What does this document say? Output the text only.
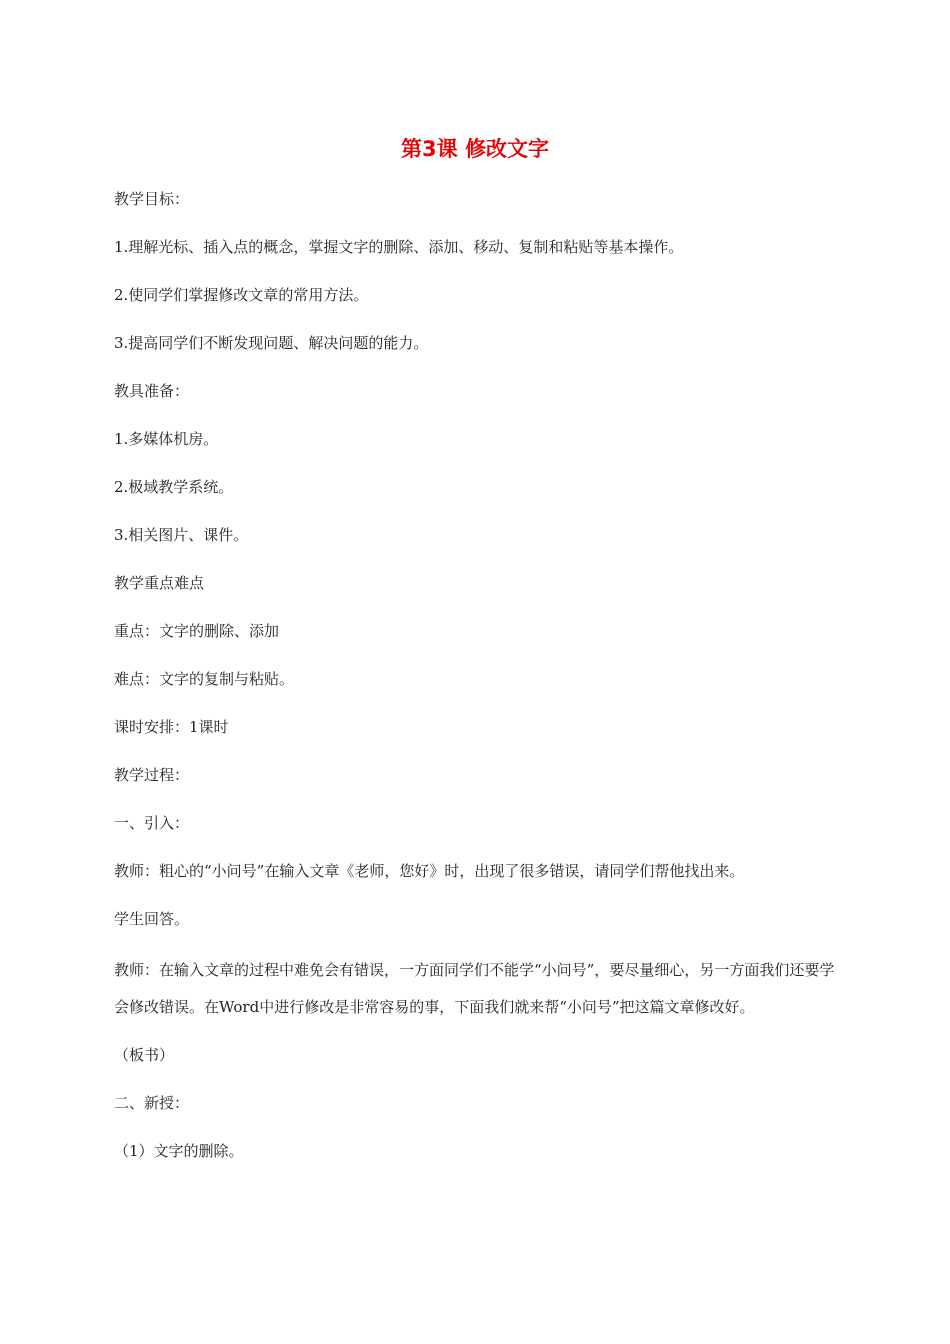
第3课 修改文字

教学目标：

1.理解光标、插入点的概念，掌握文字的删除、添加、移动、复制和粘贴等基本操作。

2.使同学们掌握修改文章的常用方法。

3.提高同学们不断发现问题、解决问题的能力。

教具准备：

1.多媒体机房。

2.极域教学系统。

3.相关图片、课件。

教学重点难点

重点：文字的删除、添加

难点：文字的复制与粘贴。

课时安排：1课时

教学过程：

一、引入：

教师：粗心的“小问号”在输入文章《老师，您好》时，出现了很多错误，请同学们帮他找出来。

学生回答。

教师：在输入文章的过程中难免会有错误，一方面同学们不能学“小问号”，要尽量细心，另一方面我们还要学会修改错误。在Word中进行修改是非常容易的事，下面我们就来帮“小问号”把这篇文章修改好。

（板书）

二、新授：

（1）文字的删除。
